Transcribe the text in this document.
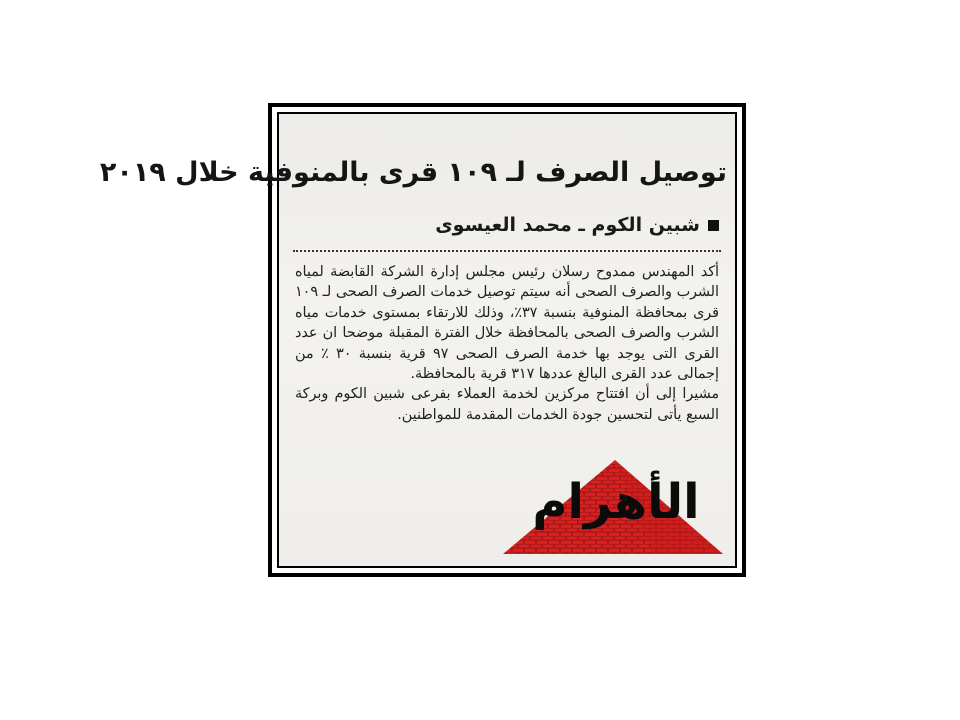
توصيل الصرف لـ ١٠٩ قرى بالمنوفية خلال ٢٠١٩
شبين الكوم ـ محمد العيسوى

أكد المهندس ممدوح رسلان رئيس مجلس إدارة الشركة القابضة لمياه الشرب والصرف الصحى أنه سيتم توصيل خدمات الصرف الصحى لـ ١٠٩ قرى بمحافظة المنوفية بنسبة ٣٧٪، وذلك للارتقاء بمستوى خدمات مياه الشرب والصرف الصحى بالمحافظة خلال الفترة المقبلة موضحا ان عدد القرى التى يوجد بها خدمة الصرف الصحى ٩٧ قرية بنسبة ٣٠ ٪ من إجمالى عدد القرى البالغ عددها ٣١٧ قرية بالمحافظة.

مشيرا إلى أن افتتاح مركزين لخدمة العملاء بفرعى شبين الكوم وبركة السبع يأتى لتحسين جودة الخدمات المقدمة للمواطنين.

الأهرام
